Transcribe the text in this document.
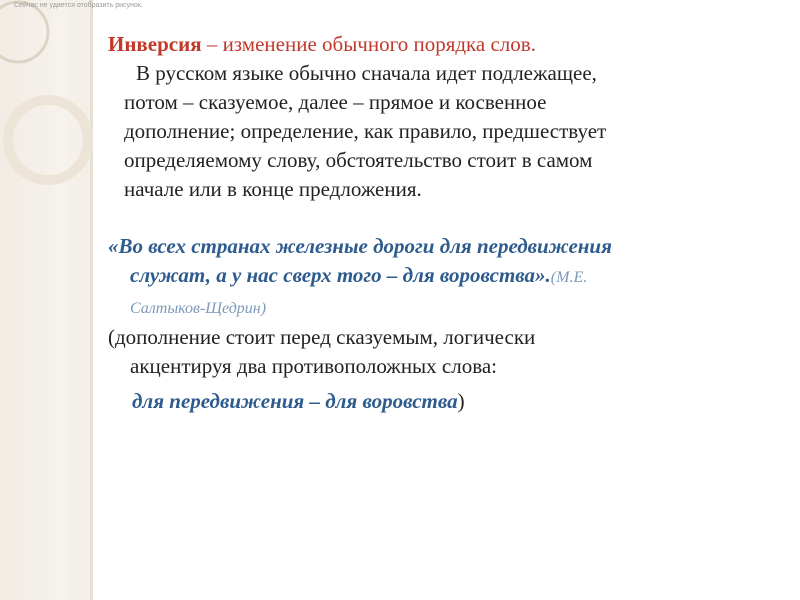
Сейчас не удается отобразить рисунок.
Инверсия – изменение обычного порядка слов.
В русском языке обычно сначала идет подлежащее,
потом – сказуемое, далее – прямое и косвенное
дополнение; определение, как правило, предшествует
определяемому слову, обстоятельство стоит в самом
начале или в конце предложения.
«Во всех странах железные дороги для передвижения
служат, а у нас сверх того – для воровства».(М.Е.
Салтыков-Щедрин)
(дополнение стоит перед сказуемым, логически
акцентируя два противоположных слова:
для передвижения – для воровства)
